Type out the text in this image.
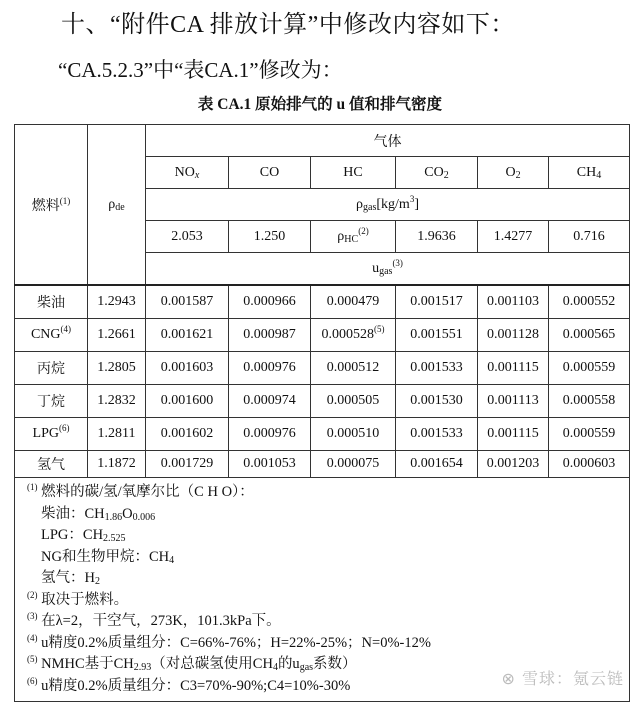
十、“附件CA 排放计算”中修改内容如下：
“CA.5.2.3”中“表CA.1”修改为：
表 CA.1 原始排气的 u 值和排气密度
燃料$^{(1)}$	$\rho_{de}$	气体					
		$NO_x$	CO	HC	$CO_2$	$O_2$	$CH_4$
		$\rho_{gas}[kg/m^3]$					
		2.053	1.250	$\rho_{HC}^{(2)}$	1.9636	1.4277	0.716
		$u_{gas}^{(3)}$
柴油	1.2943	0.001587	0.000966	0.000479	0.001517	0.001103	0.000552
CNG$^{(4)}$	1.2661	0.001621	0.000987	0.000528$^{(5)}$	0.001551	0.001128	0.000565
丙烷	1.2805	0.001603	0.000976	0.000512	0.001533	0.001115	0.000559
丁烷	1.2832	0.001600	0.000974	0.000505	0.001530	0.001113	0.000558
LPG$^{(6)}$	1.2811	0.001602	0.000976	0.000510	0.001533	0.001115	0.000559
氢气	1.1872	0.001729	0.001053	0.000075	0.001654	0.001203	0.000603

$^{(1)}$ 燃料的碳/氢/氧摩尔比（C H O）：
柴油：$CH_{1.86}O_{0.006}$
LPG：$CH_{2.525}$
NG和生物甲烷：$CH_4$
氢气：$H_2$
$^{(2)}$ 取决于燃料。
$^{(3)}$ 在λ=2，干空气，273K，101.3kPa下。
$^{(4)}$ u精度0.2%质量组分：C=66%-76%；H=22%-25%；N=0%-12%
$^{(5)}$ NMHC基于$CH_{2.93}$（对总碳氢使用$CH_4$的$u_{gas}$系数）
$^{(6)}$ u精度0.2%质量组分：C3=70%-90%;C4=10%-30%	⊗ 雪球：氪云链
